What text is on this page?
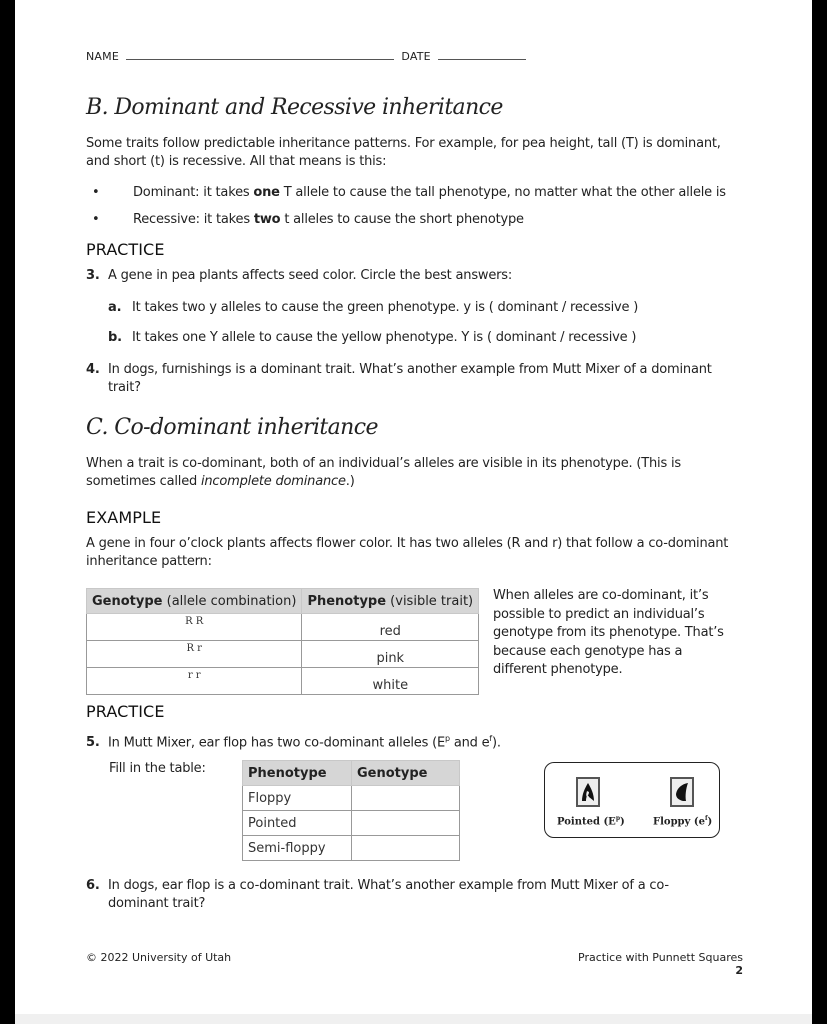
NAME	DATE
B. Dominant and Recessive inheritance
Some traits follow predictable inheritance patterns. For example, for pea height, tall (T) is dominant,
and short (t) is recessive. All that means is this:
•	Dominant: it takes one T allele to cause the tall phenotype, no matter what the other allele is
•	Recessive: it takes two t alleles to cause the short phenotype
PRACTICE
3. A gene in pea plants affects seed color. Circle the best answers:
a. It takes two y alleles to cause the green phenotype. y is ( dominant / recessive )
b. It takes one Y allele to cause the yellow phenotype. Y is ( dominant / recessive )
4. In dogs, furnishings is a dominant trait. What’s another example from Mutt Mixer of a dominant
trait?
C. Co-dominant inheritance
When a trait is co-dominant, both of an individual’s alleles are visible in its phenotype. (This is
sometimes called incomplete dominance.)
EXAMPLE
A gene in four o’clock plants affects flower color. It has two alleles (R and r) that follow a co-dominant
inheritance pattern:
Genotype (allele combination)	Phenotype (visible trait)
R R	red
R r	pink
r r	white
When alleles are co-dominant, it’s
possible to predict an individual’s
genotype from its phenotype. That’s
because each genotype has a
different phenotype.
PRACTICE
5. In Mutt Mixer, ear flop has two co-dominant alleles ($E^p$ and $e^f$).
Fill in the table:	Phenotype	Genotype
Floppy	
Pointed	
Semi-floppy	
Pointed $(E^p)$	Floppy $(e^f)$
6. In dogs, ear flop is a co-dominant trait. What’s another example from Mutt Mixer of a co-
dominant trait?
© 2022 University of Utah	Practice with Punnett Squares 2
